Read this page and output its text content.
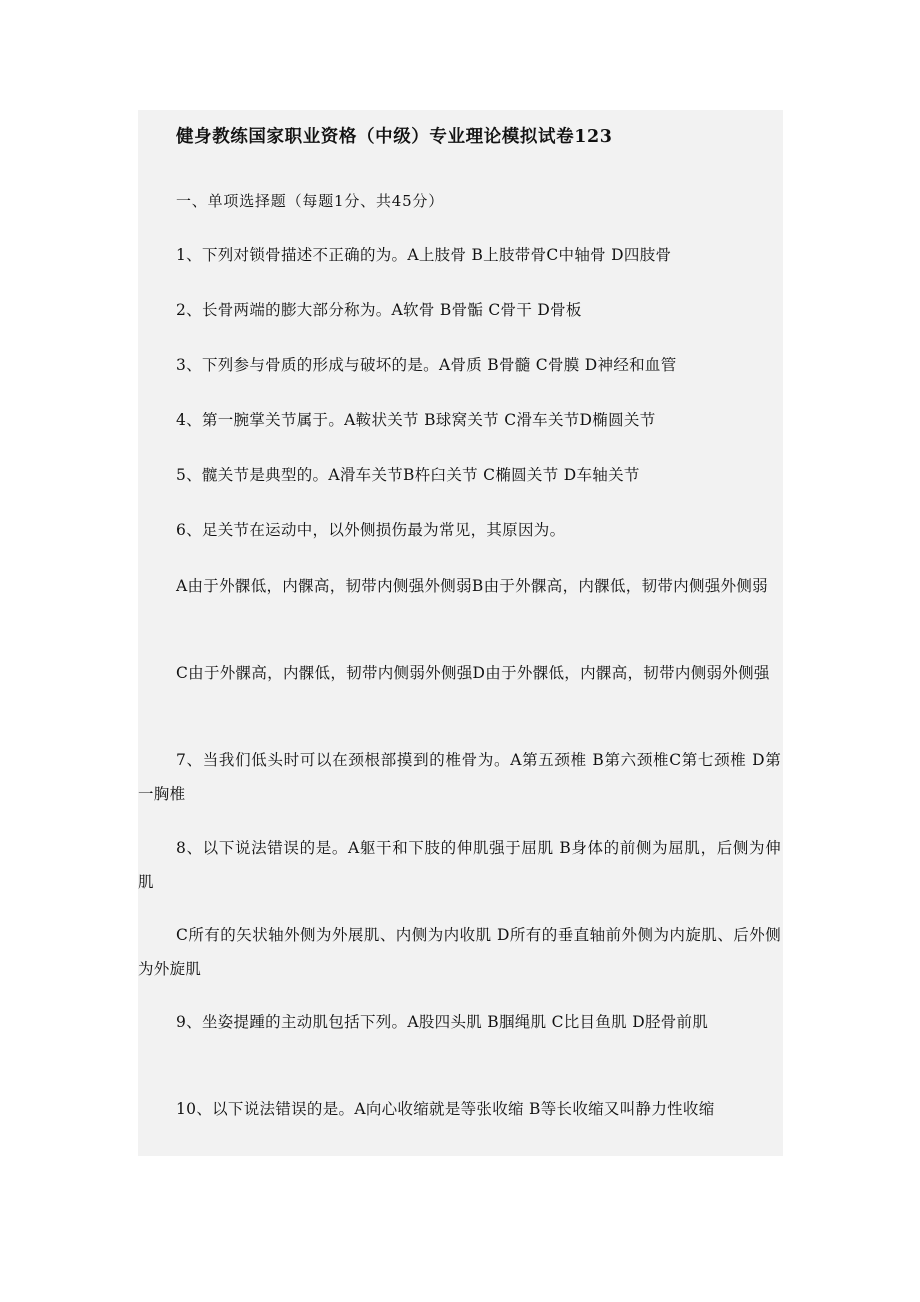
健身教练国家职业资格（中级）专业理论模拟试卷123
一、单项选择题（每题1分、共45分）

1、下列对锁骨描述不正确的为。A上肢骨 B上肢带骨C中轴骨 D四肢骨

2、长骨两端的膨大部分称为。A软骨 B骨骺 C骨干 D骨板

3、下列参与骨质的形成与破坏的是。A骨质 B骨髓 C骨膜 D神经和血管

4、第一腕掌关节属于。A鞍状关节 B球窝关节 C滑车关节D椭圆关节

5、髋关节是典型的。A滑车关节B杵臼关节 C椭圆关节 D车轴关节

6、足关节在运动中，以外侧损伤最为常见，其原因为。

A由于外髁低，内髁高，韧带内侧强外侧弱B由于外髁高，内髁低，韧带内侧强外侧弱

C由于外髁高，内髁低，韧带内侧弱外侧强D由于外髁低，内髁高，韧带内侧弱外侧强

7、当我们低头时可以在颈根部摸到的椎骨为。A第五颈椎 B第六颈椎C第七颈椎 D第一胸椎

8、以下说法错误的是。A躯干和下肢的伸肌强于屈肌 B身体的前侧为屈肌，后侧为伸肌

C所有的矢状轴外侧为外展肌、内侧为内收肌 D所有的垂直轴前外侧为内旋肌、后外侧为外旋肌

9、坐姿提踵的主动肌包括下列。A股四头肌 B腘绳肌 C比目鱼肌 D胫骨前肌

10、以下说法错误的是。A向心收缩就是等张收缩 B等长收缩又叫静力性收缩
